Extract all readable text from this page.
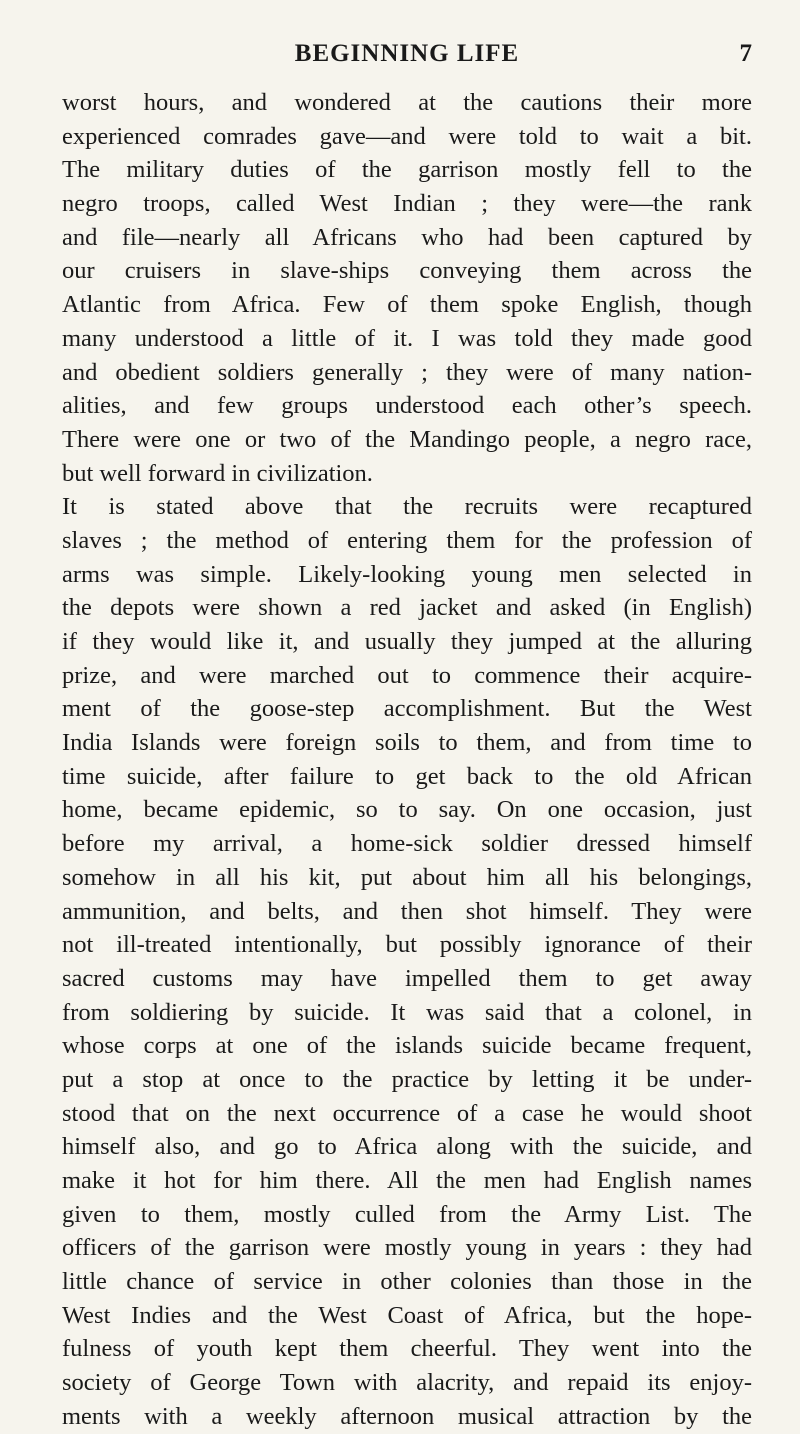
BEGINNING LIFE	7
worst hours, and wondered at the cautions their more
experienced comrades gave—and were told to wait a bit.
The military duties of the garrison mostly fell to the
negro troops, called West Indian ; they were—the rank
and file—nearly all Africans who had been captured by
our cruisers in slave-ships conveying them across the
Atlantic from Africa. Few of them spoke English, though
many understood a little of it. I was told they made good
and obedient soldiers generally ; they were of many nation-
alities, and few groups understood each other’s speech.
There were one or two of the Mandingo people, a negro race,
but well forward in civilization.
It is stated above that the recruits were recaptured
slaves ; the method of entering them for the profession of
arms was simple. Likely-looking young men selected in
the depots were shown a red jacket and asked (in English)
if they would like it, and usually they jumped at the alluring
prize, and were marched out to commence their acquire-
ment of the goose-step accomplishment. But the West
India Islands were foreign soils to them, and from time to
time suicide, after failure to get back to the old African
home, became epidemic, so to say. On one occasion, just
before my arrival, a home-sick soldier dressed himself
somehow in all his kit, put about him all his belongings,
ammunition, and belts, and then shot himself. They were
not ill-treated intentionally, but possibly ignorance of their
sacred customs may have impelled them to get away
from soldiering by suicide. It was said that a colonel, in
whose corps at one of the islands suicide became frequent,
put a stop at once to the practice by letting it be under-
stood that on the next occurrence of a case he would shoot
himself also, and go to Africa along with the suicide, and
make it hot for him there. All the men had English names
given to them, mostly culled from the Army List. The
officers of the garrison were mostly young in years : they had
little chance of service in other colonies than those in the
West Indies and the West Coast of Africa, but the hope-
fulness of youth kept them cheerful. They went into the
society of George Town with alacrity, and repaid its enjoy-
ments with a weekly afternoon musical attraction by the
